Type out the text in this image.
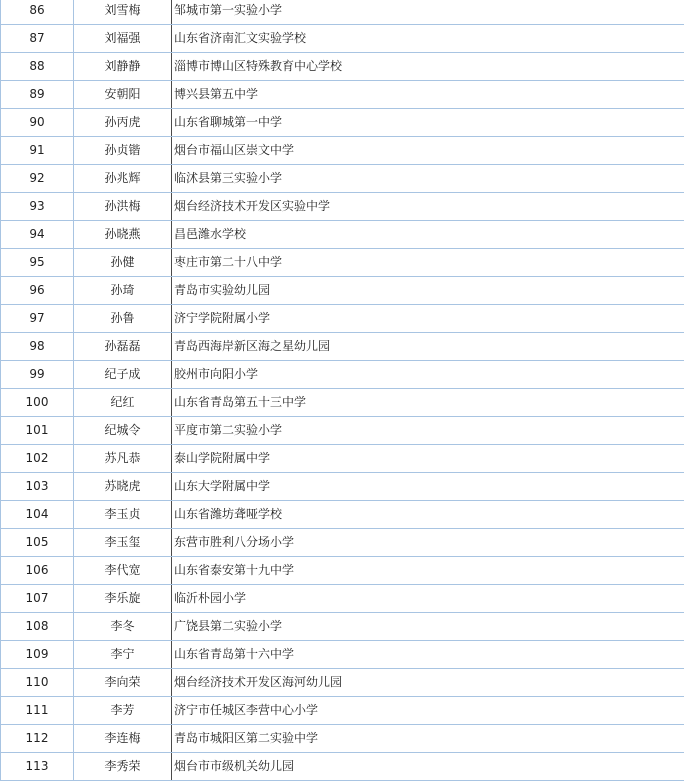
86	刘雪梅	邹城市第一实验小学
87	刘福强	山东省济南汇文实验学校
88	刘静静	淄博市博山区特殊教育中心学校
89	安朝阳	博兴县第五中学
90	孙丙虎	山东省聊城第一中学
91	孙贞锴	烟台市福山区崇文中学
92	孙兆辉	临沭县第三实验小学
93	孙洪梅	烟台经济技术开发区实验中学
94	孙晓燕	昌邑潍水学校
95	孙健	枣庄市第二十八中学
96	孙琦	青岛市实验幼儿园
97	孙鲁	济宁学院附属小学
98	孙磊磊	青岛西海岸新区海之星幼儿园
99	纪子成	胶州市向阳小学
100	纪红	山东省青岛第五十三中学
101	纪城令	平度市第二实验小学
102	苏凡恭	泰山学院附属中学
103	苏晓虎	山东大学附属中学
104	李玉贞	山东省潍坊聋哑学校
105	李玉玺	东营市胜利八分场小学
106	李代宽	山东省泰安第十九中学
107	李乐旋	临沂朴园小学
108	李冬	广饶县第二实验小学
109	李宁	山东省青岛第十六中学
110	李向荣	烟台经济技术开发区海河幼儿园
111	李芳	济宁市任城区李营中心小学
112	李连梅	青岛市城阳区第二实验中学
113	李秀荣	烟台市市级机关幼儿园
